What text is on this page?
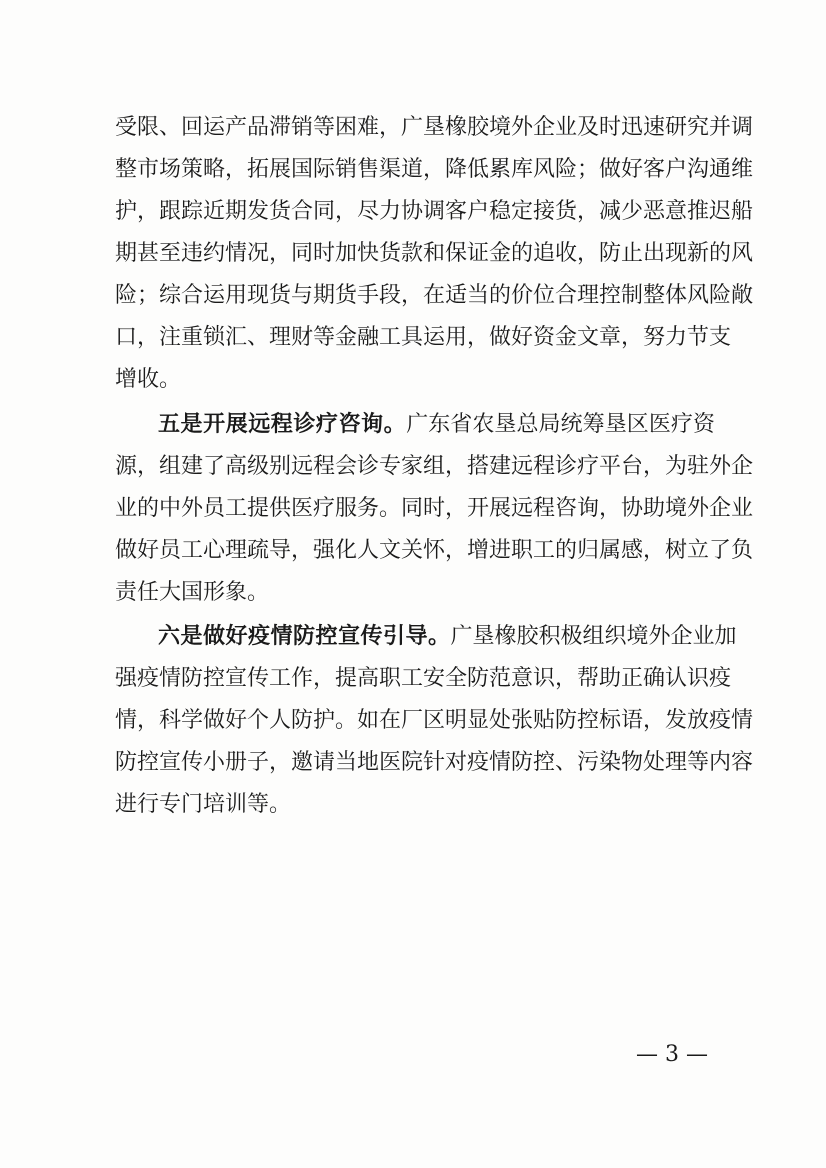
受限、回运产品滞销等困难，广垦橡胶境外企业及时迅速研究并调
整市场策略，拓展国际销售渠道，降低累库风险；做好客户沟通维
护，跟踪近期发货合同，尽力协调客户稳定接货，减少恶意推迟船
期甚至违约情况，同时加快货款和保证金的追收，防止出现新的风
险；综合运用现货与期货手段，在适当的价位合理控制整体风险敞
口，注重锁汇、理财等金融工具运用，做好资金文章，努力节支
增收。
五是开展远程诊疗咨询。广东省农垦总局统筹垦区医疗资
源，组建了高级别远程会诊专家组，搭建远程诊疗平台，为驻外企
业的中外员工提供医疗服务。同时，开展远程咨询，协助境外企业
做好员工心理疏导，强化人文关怀，增进职工的归属感，树立了负
责任大国形象。
六是做好疫情防控宣传引导。广垦橡胶积极组织境外企业加
强疫情防控宣传工作，提高职工安全防范意识，帮助正确认识疫
情，科学做好个人防护。如在厂区明显处张贴防控标语，发放疫情
防控宣传小册子，邀请当地医院针对疫情防控、污染物处理等内容
进行专门培训等。
— 3 —
